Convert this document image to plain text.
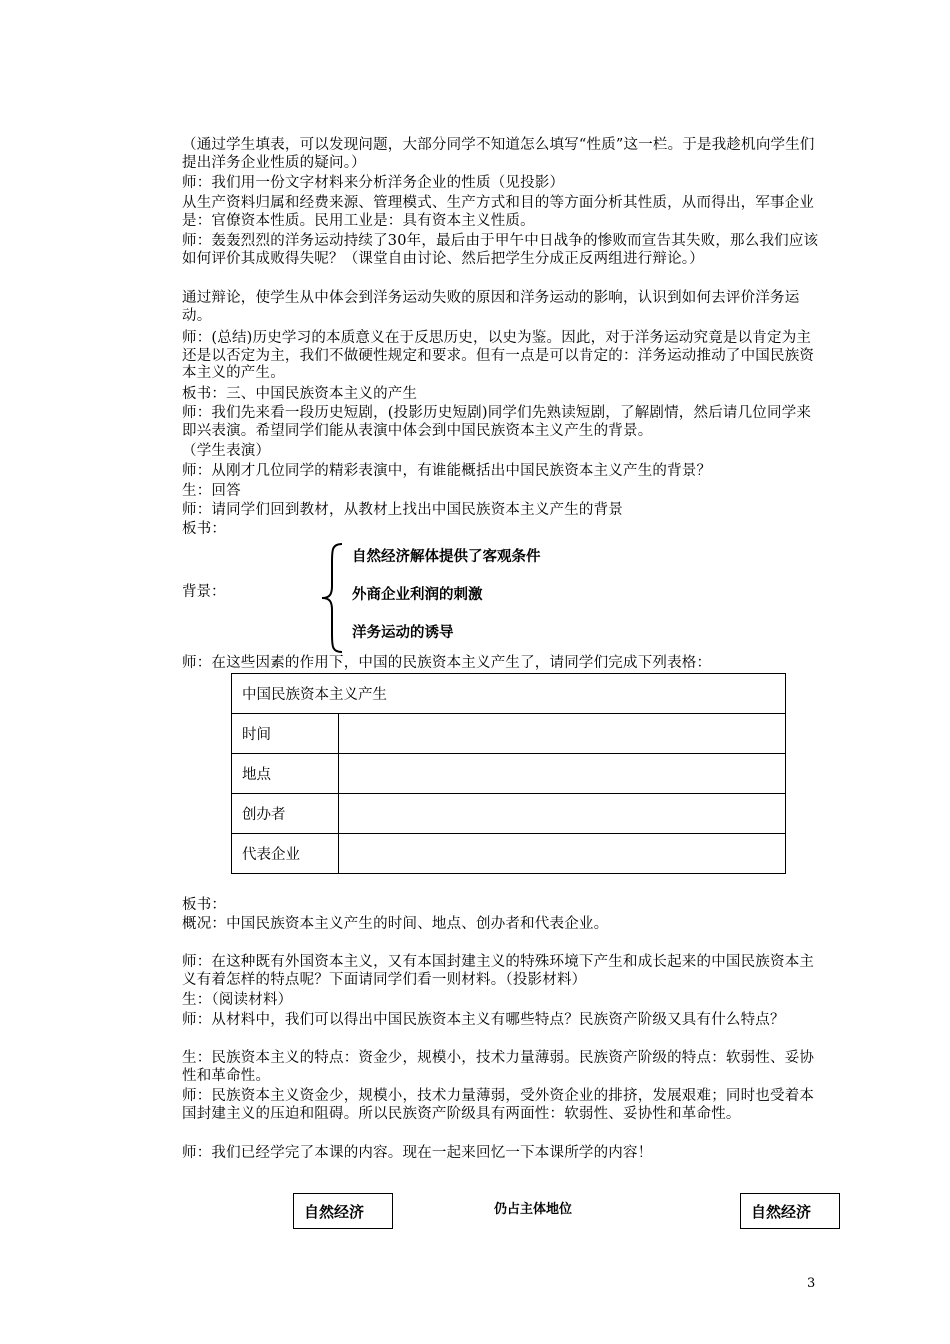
（通过学生填表，可以发现问题，大部分同学不知道怎么填写“性质”这一栏。于是我趁机向学生们提出洋务企业性质的疑问。）
师：我们用一份文字材料来分析洋务企业的性质（见投影）
从生产资料归属和经费来源、管理模式、生产方式和目的等方面分析其性质，从而得出，军事企业是：官僚资本性质。民用工业是：具有资本主义性质。
师：轰轰烈烈的洋务运动持续了30年，最后由于甲午中日战争的惨败而宣告其失败，那么我们应该如何评价其成败得失呢？（课堂自由讨论、然后把学生分成正反两组进行辩论。）
通过辩论，使学生从中体会到洋务运动失败的原因和洋务运动的影响，认识到如何去评价洋务运动。
师：(总结)历史学习的本质意义在于反思历史，以史为鉴。因此，对于洋务运动究竟是以肯定为主还是以否定为主，我们不做硬性规定和要求。但有一点是可以肯定的：洋务运动推动了中国民族资本主义的产生。
板书：三、中国民族资本主义的产生
师：我们先来看一段历史短剧，(投影历史短剧)同学们先熟读短剧，了解剧情，然后请几位同学来即兴表演。希望同学们能从表演中体会到中国民族资本主义产生的背景。
（学生表演）
师：从刚才几位同学的精彩表演中，有谁能概括出中国民族资本主义产生的背景？
生：回答
师：请同学们回到教材，从教材上找出中国民族资本主义产生的背景
板书：
背景：
自然经济解体提供了客观条件
外商企业利润的刺激
洋务运动的诱导
师：在这些因素的作用下，中国的民族资本主义产生了，请同学们完成下列表格：
中国民族资本主义产生	
时间	
地点	
创办者	
代表企业	
板书：
概况：中国民族资本主义产生的时间、地点、创办者和代表企业。
师：在这种既有外国资本主义，又有本国封建主义的特殊环境下产生和成长起来的中国民族资本主义有着怎样的特点呢？下面请同学们看一则材料。（投影材料）
生：（阅读材料）
师：从材料中，我们可以得出中国民族资本主义有哪些特点？民族资产阶级又具有什么特点？
生：民族资本主义的特点：资金少，规模小，技术力量薄弱。民族资产阶级的特点：软弱性、妥协性和革命性。
师：民族资本主义资金少，规模小，技术力量薄弱，受外资企业的排挤，发展艰难；同时也受着本国封建主义的压迫和阻碍。所以民族资产阶级具有两面性：软弱性、妥协性和革命性。
师：我们已经学完了本课的内容。现在一起来回忆一下本课所学的内容！
自然经济	仍占主体地位	自然经济
3
